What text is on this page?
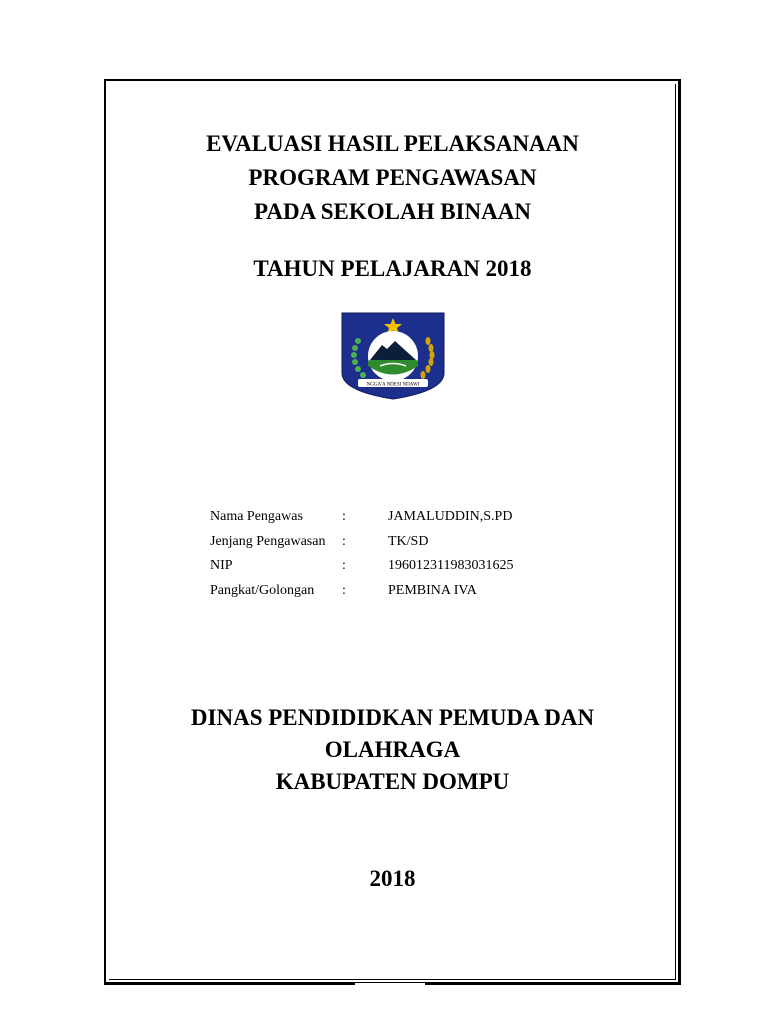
EVALUASI HASIL PELAKSANAAN
PROGRAM PENGAWASAN
PADA SEKOLAH BINAAN
TAHUN PELAJARAN 2018
NGGA'A NDESI NDAWI
Nama Pengawas	:	JAMALUDDIN,S.PD
Jenjang Pengawasan :	TK/SD
NIP	:	196012311983031625
Pangkat/Golongan :	PEMBINA IVA
DINAS PENDIDIDKAN PEMUDA DAN
OLAHRAGA
KABUPATEN DOMPU
2018
